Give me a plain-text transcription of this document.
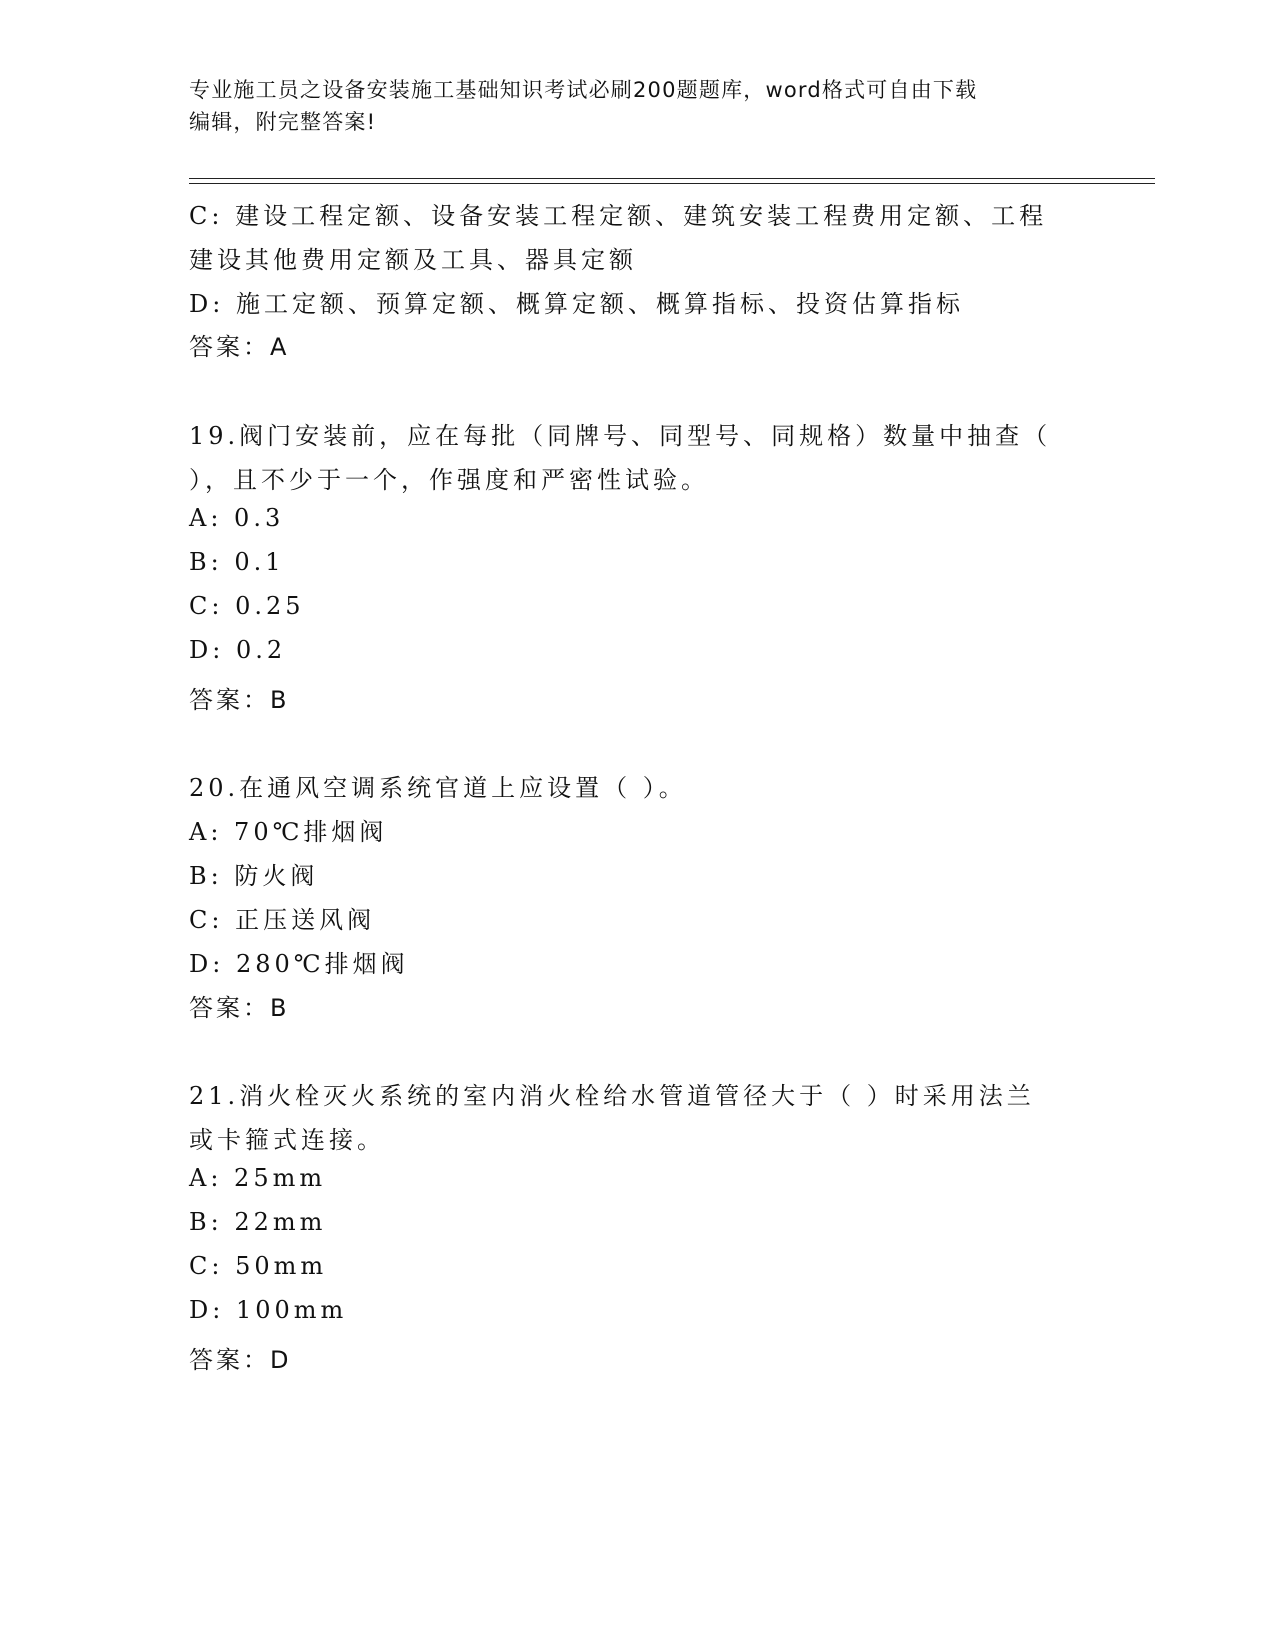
专业施工员之设备安装施工基础知识考试必刷200题题库，word格式可自由下载
编辑，附完整答案!
C: 建设工程定额、设备安装工程定额、建筑安装工程费用定额、工程
建设其他费用定额及工具、器具定额
D: 施工定额、预算定额、概算定额、概算指标、投资估算指标
答案：A
19.阀门安装前，应在每批（同牌号、同型号、同规格）数量中抽查（
），且不少于一个，作强度和严密性试验。
A: 0.3
B: 0.1
C: 0.25
D: 0.2
答案：B
20.在通风空调系统官道上应设置（ ）。
A: 70℃排烟阀
B: 防火阀
C: 正压送风阀
D: 280℃排烟阀
答案：B
21.消火栓灭火系统的室内消火栓给水管道管径大于（ ）时采用法兰
或卡箍式连接。
A: 25mm
B: 22mm
C: 50mm
D: 100mm
答案：D
